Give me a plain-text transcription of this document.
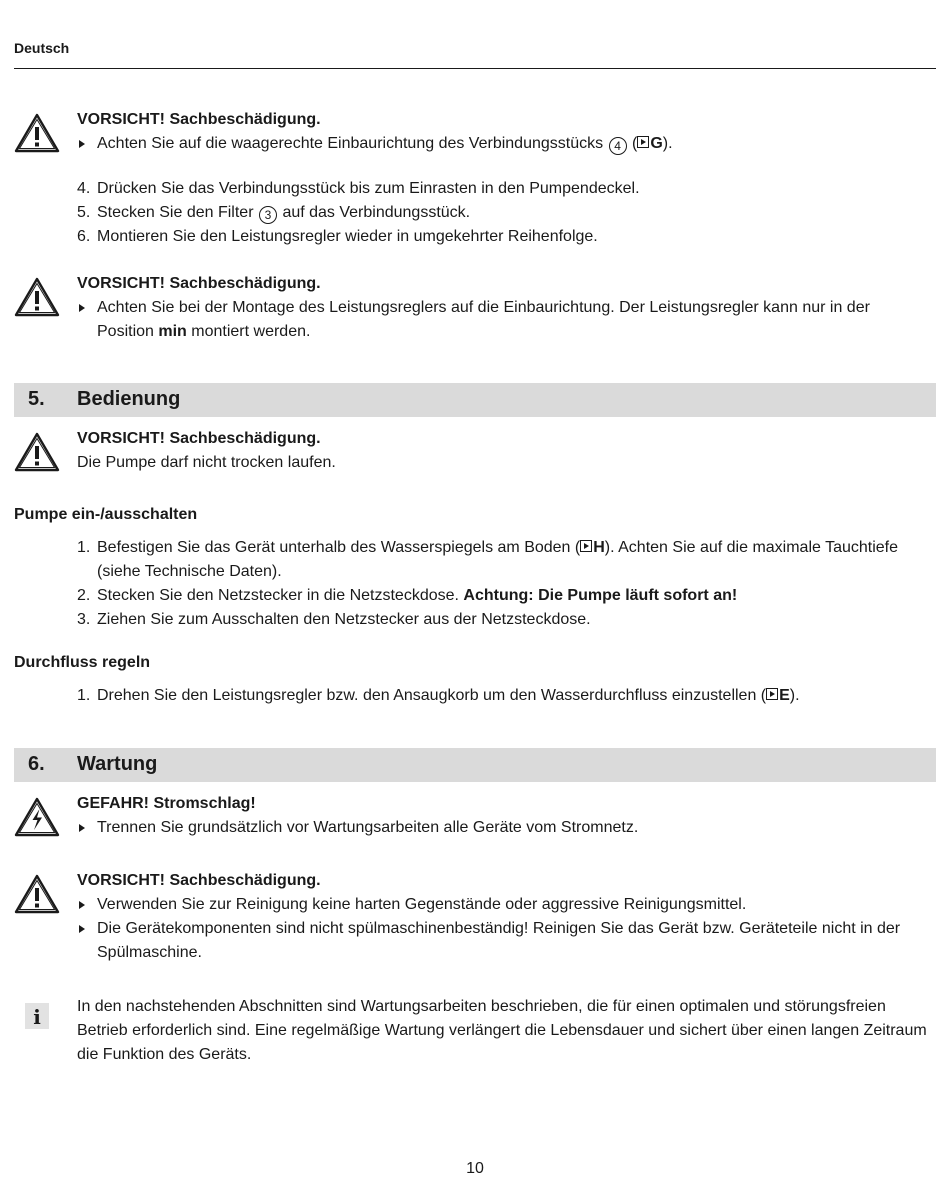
Deutsch
VORSICHT! Sachbeschädigung.
Achten Sie auf die waagerechte Einbaurichtung des Verbindungsstücks 4 ( G).
4. Drücken Sie das Verbindungsstück bis zum Einrasten in den Pumpendeckel.
5. Stecken Sie den Filter 3 auf das Verbindungsstück.
6. Montieren Sie den Leistungsregler wieder in umgekehrter Reihenfolge.
VORSICHT! Sachbeschädigung.
Achten Sie bei der Montage des Leistungsreglers auf die Einbaurichtung. Der Leistungsregler kann nur in der Position min montiert werden.
5. Bedienung
VORSICHT! Sachbeschädigung.
Die Pumpe darf nicht trocken laufen.
Pumpe ein-/ausschalten
1. Befestigen Sie das Gerät unterhalb des Wasserspiegels am Boden ( H). Achten Sie auf die maximale Tauchtiefe (siehe Technische Daten).
2. Stecken Sie den Netzstecker in die Netzsteckdose. Achtung: Die Pumpe läuft sofort an!
3. Ziehen Sie zum Ausschalten den Netzstecker aus der Netzsteckdose.
Durchfluss regeln
1. Drehen Sie den Leistungsregler bzw. den Ansaugkorb um den Wasserdurchfluss einzustellen ( E).
6. Wartung
GEFAHR! Stromschlag!
Trennen Sie grundsätzlich vor Wartungsarbeiten alle Geräte vom Stromnetz.
VORSICHT! Sachbeschädigung.
Verwenden Sie zur Reinigung keine harten Gegenstände oder aggressive Reinigungsmittel.
Die Gerätekomponenten sind nicht spülmaschinenbeständig! Reinigen Sie das Gerät bzw. Geräteteile nicht in der Spülmaschine.
i In den nachstehenden Abschnitten sind Wartungsarbeiten beschrieben, die für einen optimalen und störungsfreien Betrieb erforderlich sind. Eine regelmäßige Wartung verlängert die Lebensdauer und sichert über einen langen Zeitraum die Funktion des Geräts.
10
